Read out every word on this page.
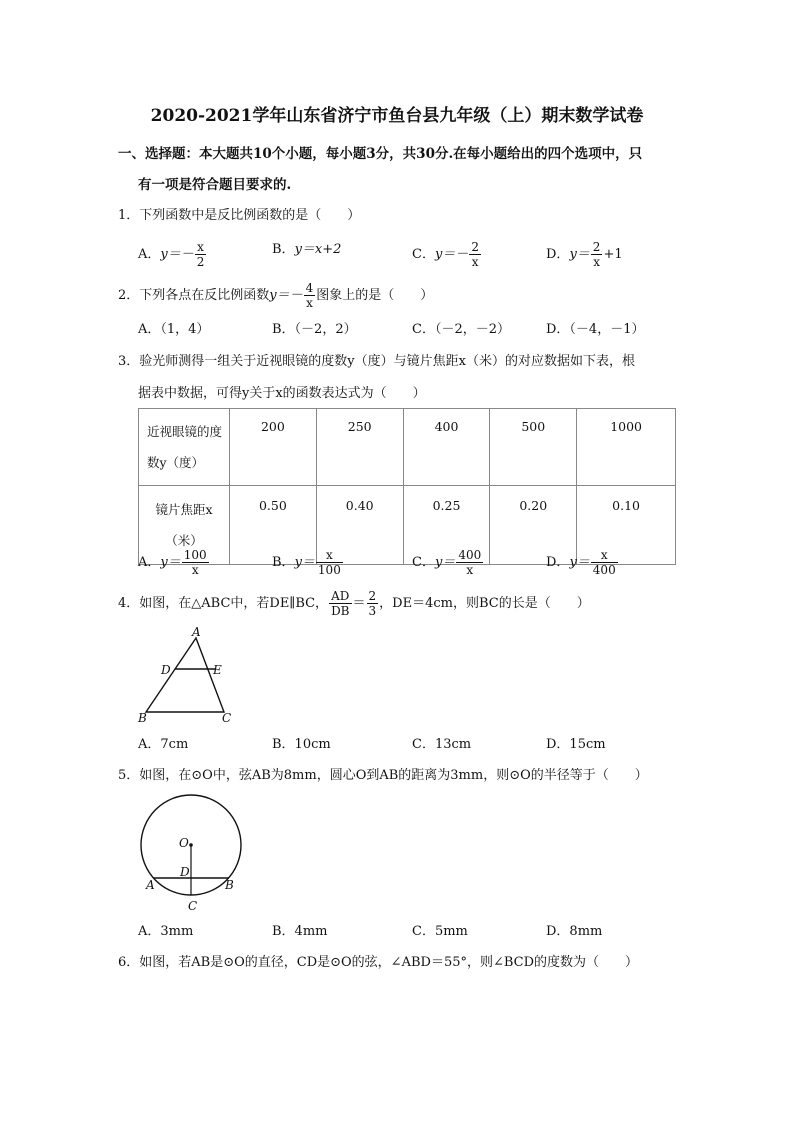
2020-2021学年山东省济宁市鱼台县九年级（上）期末数学试卷
一、选择题：本大题共10个小题，每小题3分，共30分.在每小题给出的四个选项中，只
有一项是符合题目要求的.
1．下列函数中是反比例函数的是（　　）
A．$y=- \frac{x}{2}$	B．y＝x+2	C．$y=- \frac{2}{x}$	D．$y= \frac{2}{x} +1$
2．下列各点在反比例函数$y=- \frac{4}{x}$ 图象上的是（　　）
A．（1，4）	B．（－2，2）	C．（－2，－2）	D．（－4，－1）
3．验光师测得一组关于近视眼镜的度数y（度）与镜片焦距x（米）的对应数据如下表，根
据表中数据，可得y关于x的函数表达式为（　　）
近视眼镜的度
数y（度）	200	250	400	500	1000
镜片焦距x
（米）	0.50	0.40	0.25	0.20	0.10
A．$y= \frac{100}{x}$	B．$y= \frac{x}{100}$	C．$y= \frac{400}{x}$	D．$y= \frac{x}{400}$
4．如图，在△ABC中，若DE∥BC， $\frac{AD}{DB} = \frac{2}{3}$ ，DE＝4cm，则BC的长是（　　）
A
D	E
B	C
A．7cm	B．10cm	C．13cm	D．15cm
5．如图，在⊙O中，弦AB为8mm，圆心O到AB的距离为3mm，则⊙O的半径等于（　　）
O
D
A	B
C
A．3mm	B．4mm	C．5mm	D．8mm
6．如图，若AB是⊙O的直径，CD是⊙O的弦，∠ABD＝55°，则∠BCD的度数为（　　）
